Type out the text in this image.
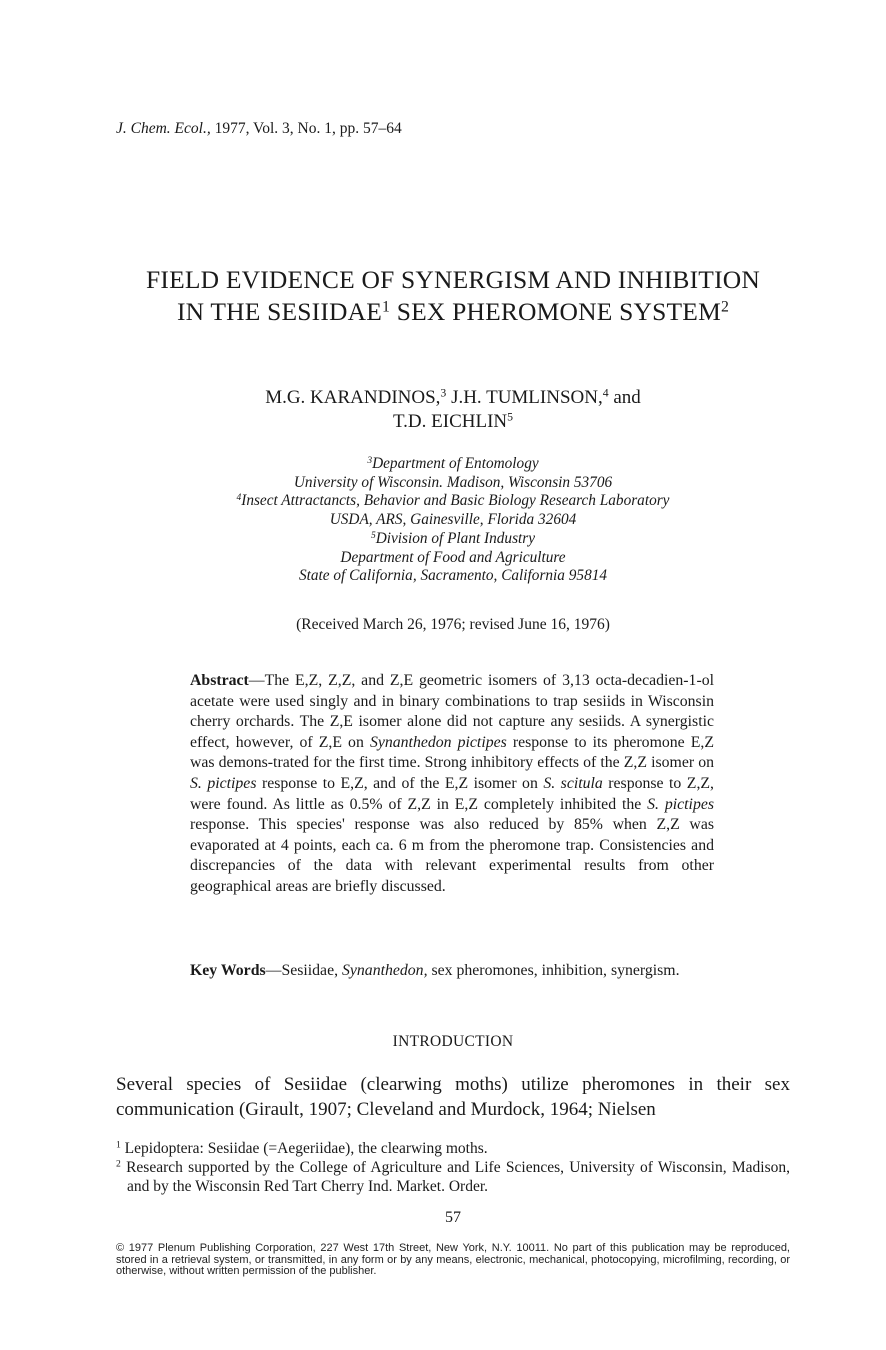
J. Chem. Ecol., 1977, Vol. 3, No. 1, pp. 57–64
FIELD EVIDENCE OF SYNERGISM AND INHIBITION
IN THE SESIIDAE$^1$ SEX PHEROMONE SYSTEM$^2$
M.G. KARANDINOS,$^3$ J.H. TUMLINSON,$^4$ and
T.D. EICHLIN$^5$
$^3$Department of Entomology
University of Wisconsin. Madison, Wisconsin 53706
$^4$Insect Attractancts, Behavior and Basic Biology Research Laboratory
USDA, ARS, Gainesville, Florida 32604
$^5$Division of Plant Industry
Department of Food and Agriculture
State of California, Sacramento, California 95814
(Received March 26, 1976; revised June 16, 1976)
Abstract—The E,Z, Z,Z, and Z,E geometric isomers of 3,13 octa-decadien-1-ol acetate were used singly and in binary combinations to trap sesiids in Wisconsin cherry orchards. The Z,E isomer alone did not capture any sesiids. A synergistic effect, however, of Z,E on Synanthedon pictipes response to its pheromone E,Z was demons-trated for the first time. Strong inhibitory effects of the Z,Z isomer on S. pictipes response to E,Z, and of the E,Z isomer on S. scitula response to Z,Z, were found. As little as 0.5% of Z,Z in E,Z completely inhibited the S. pictipes response. This species' response was also reduced by 85% when Z,Z was evaporated at 4 points, each ca. 6 m from the pheromone trap. Consistencies and discrepancies of the data with relevant experimental results from other geographical areas are briefly discussed.
Key Words—Sesiidae, Synanthedon, sex pheromones, inhibition, synergism.
INTRODUCTION
Several species of Sesiidae (clearwing moths) utilize pheromones in their sex communication (Girault, 1907; Cleveland and Murdock, 1964; Nielsen
$^1$ Lepidoptera: Sesiidae (=Aegeriidae), the clearwing moths.
$^2$ Research supported by the College of Agriculture and Life Sciences, University of Wisconsin, Madison, and by the Wisconsin Red Tart Cherry Ind. Market. Order.
57
© 1977 Plenum Publishing Corporation, 227 West 17th Street, New York, N.Y. 10011. No part of this publication may be reproduced, stored in a retrieval system, or transmitted, in any form or by any means, electronic, mechanical, photocopying, microfilming, recording, or otherwise, without written permission of the publisher.
